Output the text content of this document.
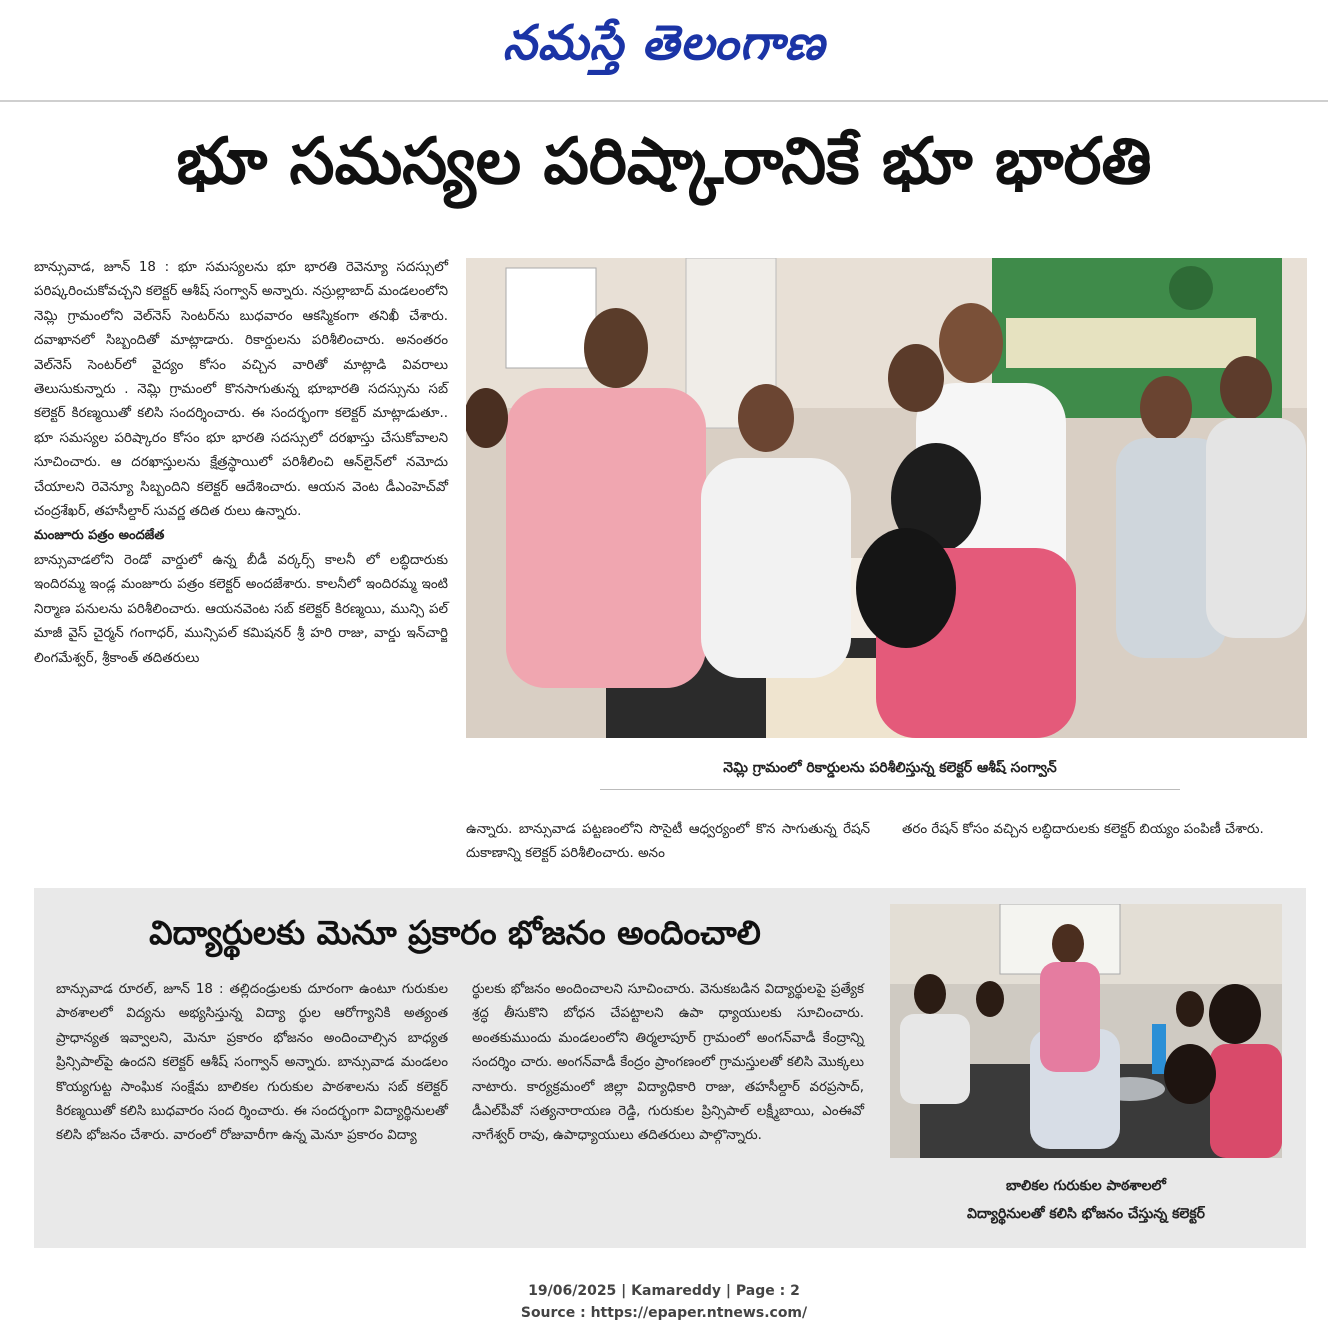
నమస్తే తెలంగాణ
భూ సమస్యల పరిష్కారానికే భూ భారతి

బాన్సువాడ, జూన్ 18 : భూ సమస్యలను భూ భారతి రెవెన్యూ సదస్సులో పరిష్కరించుకోవచ్చని కలెక్టర్ ఆశీష్ సంగ్వాన్ అన్నారు. నస్రుల్లాబాద్ మండలంలోని నెమ్లి గ్రామంలోని వెల్‌నెస్ సెంటర్‌ను బుధవారం ఆకస్మికంగా తనిఖీ చేశారు. దవాఖానలో సిబ్బందితో మాట్లాడారు. రికార్డులను పరిశీలించారు. అనంతరం వెల్‌నెస్ సెంటర్‌లో వైద్యం కోసం వచ్చిన వారితో మాట్లాడి వివరాలు తెలుసుకున్నారు . నెమ్లి గ్రామంలో కొనసాగుతున్న భూభారతి సదస్సును సబ్ కలెక్టర్ కిరణ్మయితో కలిసి సందర్శించారు. ఈ సందర్భంగా కలెక్టర్ మాట్లాడుతూ.. భూ సమస్యల పరిష్కారం కోసం భూ భారతి సదస్సులో దరఖాస్తు చేసుకోవాలని సూచించారు. ఆ దరఖాస్తులను క్షేత్రస్థాయిలో పరిశీలించి ఆన్‌లైన్‌లో నమోదు చేయాలని రెవెన్యూ సిబ్బందిని కలెక్టర్ ఆదేశించారు. ఆయన వెంట డీఎంహెచ్‌వో చంద్రశేఖర్, తహసీల్దార్ సువర్ణ తదిత రులు ఉన్నారు.

మంజూరు పత్రం అందజేత

బాన్సువాడలోని రెండో వార్డులో ఉన్న బీడీ వర్కర్స్ కాలనీ లో లబ్ధిదారుకు ఇందిరమ్మ ఇండ్ల మంజూరు పత్రం కలెక్టర్ అందజేశారు. కాలనీలో ఇందిరమ్మ ఇంటి నిర్మాణ పనులను పరిశీలించారు. ఆయనవెంట సబ్ కలెక్టర్ కిరణ్మయి, మున్సి పల్ మాజీ వైస్ చైర్మన్ గంగాధర్, మున్సిపల్ కమిషనర్ శ్రీ హరి రాజు, వార్డు ఇన్‌చార్జి లింగమేశ్వర్, శ్రీకాంత్ తదితరులు

నెమ్లి గ్రామంలో రికార్డులను పరిశీలిస్తున్న కలెక్టర్ ఆశీష్ సంగ్వాన్
ఉన్నారు. బాన్సువాడ పట్టణంలోని సొసైటీ ఆధ్వర్యంలో కొన సాగుతున్న రేషన్ దుకాణాన్ని కలెక్టర్ పరిశీలించారు. అనం
తరం రేషన్ కోసం వచ్చిన లబ్ధిదారులకు కలెక్టర్ బియ్యం పంపిణీ చేశారు.
విద్యార్థులకు మెనూ ప్రకారం భోజనం అందించాలి
బాన్సువాడ రూరల్, జూన్ 18 : తల్లిదండ్రులకు దూరంగా ఉంటూ గురుకుల పాఠశాలలో విద్యను అభ్యసిస్తున్న విద్యా ర్థుల ఆరోగ్యానికి అత్యంత ప్రాధాన్యత ఇవ్వాలని, మెనూ ప్రకారం భోజనం అందించాల్సిన బాధ్యత ప్రిన్సిపాల్‌పై ఉందని కలెక్టర్ ఆశీష్ సంగ్వాన్ అన్నారు. బాన్సువాడ మండలం కొయ్యగుట్ట సాంఘిక సంక్షేమ బాలికల గురుకుల పాఠశాలను సబ్ కలెక్టర్ కిరణ్మయితో కలిసి బుధవారం సంద ర్శించారు. ఈ సందర్భంగా విద్యార్థినులతో కలిసి భోజనం చేశారు. వారంలో రోజువారీగా ఉన్న మెనూ ప్రకారం విద్యా
ర్థులకు భోజనం అందించాలని సూచించారు. వెనుకబడిన విద్యార్థులపై ప్రత్యేక శ్రద్ధ తీసుకొని బోధన చేపట్టాలని ఉపా ధ్యాయులకు సూచించారు. అంతకుముందు మండలంలోని తిర్మలాపూర్ గ్రామంలో అంగన్‌వాడీ కేంద్రాన్ని సందర్శిం చారు. అంగన్‌వాడీ కేంద్రం ప్రాంగణంలో గ్రామస్తులతో కలిసి మొక్కలు నాటారు. కార్యక్రమంలో జిల్లా విద్యాధికారి రాజు, తహసీల్దార్ వరప్రసాద్, డీఎల్‌పీవో సత్యనారాయణ రెడ్డి, గురుకుల ప్రిన్సిపాల్ లక్ష్మీబాయి, ఎంఈవో నాగేశ్వర్ రావు, ఉపాధ్యాయులు తదితరులు పాల్గొన్నారు.
బాలికల గురుకుల పాఠశాలలో
విద్యార్థినులతో కలిసి భోజనం చేస్తున్న కలెక్టర్
19/06/2025 | Kamareddy | Page : 2
Source : https://epaper.ntnews.com/
